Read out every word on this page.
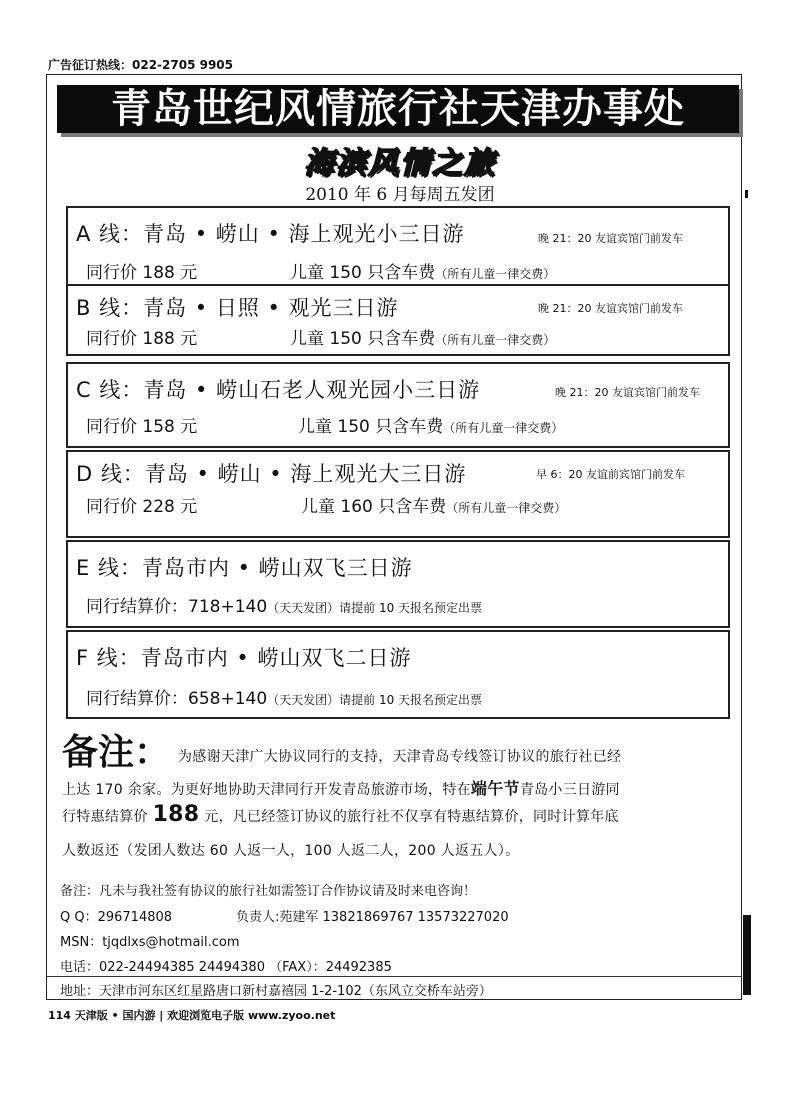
广告征订热线：022-2705 9905
青岛世纪风情旅行社天津办事处
海滨风情之旅
2010 年 6 月每周五发团
A 线：青岛 • 崂山 • 海上观光小三日游	晚 21：20 友谊宾馆门前发车
同行价 188 元	儿童 150 只含车费（所有儿童一律交费）
B 线：青岛 • 日照 • 观光三日游	晚 21：20 友谊宾馆门前发车
同行价 188 元	儿童 150 只含车费（所有儿童一律交费）
C 线：青岛 • 崂山石老人观光园小三日游	晚 21：20 友谊宾馆门前发车
同行价 158 元	儿童 150 只含车费（所有儿童一律交费）
D 线：青岛 • 崂山 • 海上观光大三日游	早 6：20 友谊前宾馆门前发车
同行价 228 元	儿童 160 只含车费（所有儿童一律交费）
E 线：青岛市内 • 崂山双飞三日游
同行结算价：718+140（天天发团）请提前 10 天报名预定出票
F 线：青岛市内 • 崂山双飞二日游
同行结算价：658+140（天天发团）请提前 10 天报名预定出票
备注： 为感谢天津广大协议同行的支持，天津青岛专线签订协议的旅行社已经
上达 170 余家。为更好地协助天津同行开发青岛旅游市场，特在端午节青岛小三日游同
行特惠结算价 188 元，凡已经签订协议的旅行社不仅享有特惠结算价，同时计算年底
人数返还（发团人数达 60 人返一人，100 人返二人，200 人返五人）。
备注：凡未与我社签有协议的旅行社如需签订合作协议请及时来电咨询！
Q Q：296714808	负责人:苑建军 13821869767 13573227020
MSN：tjqdlxs@hotmail.com
电话：022-24494385 24494380 （FAX）：24492385
地址：天津市河东区红星路唐口新村嘉禧园 1-2-102（东风立交桥车站旁）
114 天津版 • 国内游 | 欢迎浏览电子版 www.zyoo.net
